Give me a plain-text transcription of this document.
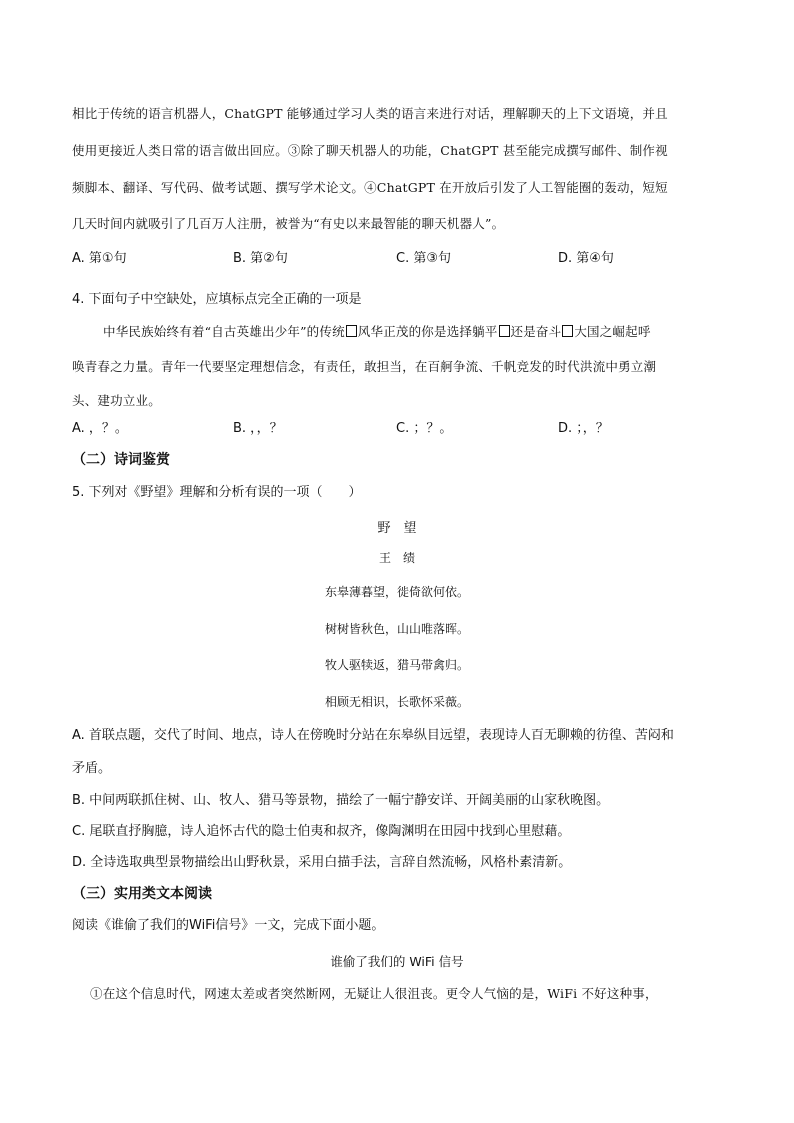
相比于传统的语言机器人，ChatGPT 能够通过学习人类的语言来进行对话，理解聊天的上下文语境，并且
使用更接近人类日常的语言做出回应。③除了聊天机器人的功能，ChatGPT 甚至能完成撰写邮件、制作视
频脚本、翻译、写代码、做考试题、撰写学术论文。④ChatGPT 在开放后引发了人工智能圈的轰动，短短
几天时间内就吸引了几百万人注册，被誉为“有史以来最智能的聊天机器人”。
A. 第①句	B. 第②句	C. 第③句	D. 第④句
4. 下面句子中空缺处，应填标点完全正确的一项是
中华民族始终有着“自古英雄出少年”的传统 风华正茂的你是选择躺平 还是奋斗 大国之崛起呼
唤青春之力量。青年一代要坚定理想信念，有责任，敢担当，在百舸争流、千帆竞发的时代洪流中勇立潮
头、建功立业。
A. ，？。	B. ，，？	C. ；？。	D. ；，？
（二）诗词鉴赏
5. 下列对《野望》理解和分析有误的一项（　　）
野　望
王　绩
东皋薄暮望，徙倚欲何依。
树树皆秋色，山山唯落晖。
牧人驱犊返，猎马带禽归。
相顾无相识，长歌怀采薇。
A. 首联点题，交代了时间、地点，诗人在傍晚时分站在东皋纵目远望，表现诗人百无聊赖的彷徨、苦闷和
矛盾。
B. 中间两联抓住树、山、牧人、猎马等景物，描绘了一幅宁静安详、开阔美丽的山家秋晚图。
C. 尾联直抒胸臆，诗人追怀古代的隐士伯夷和叔齐，像陶渊明在田园中找到心里慰藉。
D. 全诗选取典型景物描绘出山野秋景，采用白描手法，言辞自然流畅，风格朴素清新。
（三）实用类文本阅读
阅读《谁偷了我们的WiFi信号》一文，完成下面小题。
谁偷了我们的 WiFi 信号
①在这个信息时代，网速太差或者突然断网，无疑让人很沮丧。更令人气恼的是，WiFi 不好这种事，
